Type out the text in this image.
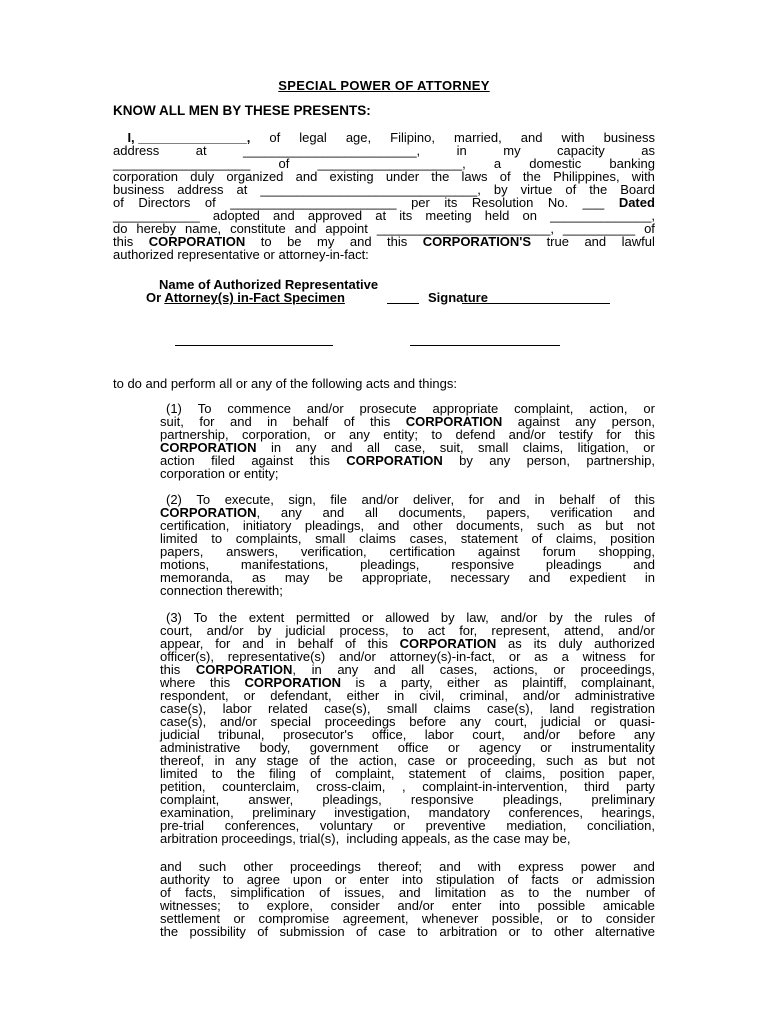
SPECIAL POWER OF ATTORNEY
KNOW ALL MEN BY THESE PRESENTS:
I, _______________, of legal age, Filipino, married, and with business
address	at	________________________,	in	my	capacity	as
___________________ of ____________________, a domestic banking
corporation duly organized and existing under the laws of the Philippines, with
business address at ______________________________, by virtue of the Board
of Directors of _______________________ per its Resolution No. ___ Dated
____________ adopted and approved at its meeting held on ______________,
do hereby name, constitute and appoint ________________________, __________ of
this CORPORATION to be my and this CORPORATION'S true and lawful
authorized representative or attorney-in-fact:
Name of Authorized Representative
Or Attorney(s) in-Fact Specimen	Signature
to do and perform all or any of the following acts and things:
(1) To commence and/or prosecute appropriate complaint, action, or
suit, for and in behalf of this CORPORATION against any person,
partnership, corporation, or any entity; to defend and/or testify for this
CORPORATION in any and all case, suit, small claims, litigation, or
action filed against this CORPORATION by any person, partnership,
corporation or entity;
(2) To execute, sign, file and/or deliver, for and in behalf of this
CORPORATION, any and all documents, papers, verification and
certification, initiatory pleadings, and other documents, such as but not
limited to complaints, small claims cases, statement of claims, position
papers, answers, verification, certification against forum shopping,
motions, manifestations, pleadings, responsive pleadings and
memoranda, as may be appropriate, necessary and expedient in
connection therewith;
(3) To the extent permitted or allowed by law, and/or by the rules of
court, and/or by judicial process, to act for, represent, attend, and/or
appear, for and in behalf of this CORPORATION as its duly authorized
officer(s), representative(s) and/or attorney(s)-in-fact, or as a witness for
this CORPORATION, in any and all cases, actions, or proceedings,
where this CORPORATION is a party, either as plaintiff, complainant,
respondent, or defendant, either in civil, criminal, and/or administrative
case(s), labor related case(s), small claims case(s), land registration
case(s), and/or special proceedings before any court, judicial or quasi-
judicial tribunal, prosecutor's office, labor court, and/or before any
administrative body, government office or agency or instrumentality
thereof, in any stage of the action, case or proceeding, such as but not
limited to the filing of complaint, statement of claims, position paper,
petition, counterclaim, cross-claim, , complaint-in-intervention, third party
complaint, answer, pleadings, responsive pleadings, preliminary
examination, preliminary investigation, mandatory conferences, hearings,
pre-trial conferences, voluntary or preventive mediation, conciliation,
arbitration proceedings, trial(s),  including appeals, as the case may be,
and such other proceedings thereof; and with express power and
authority to agree upon or enter into stipulation of facts or admission
of facts, simplification of issues, and limitation as to the number of
witnesses; to explore, consider and/or enter into possible amicable
settlement or compromise agreement, whenever possible, or to consider
the possibility of submission of case to arbitration or to other alternative
